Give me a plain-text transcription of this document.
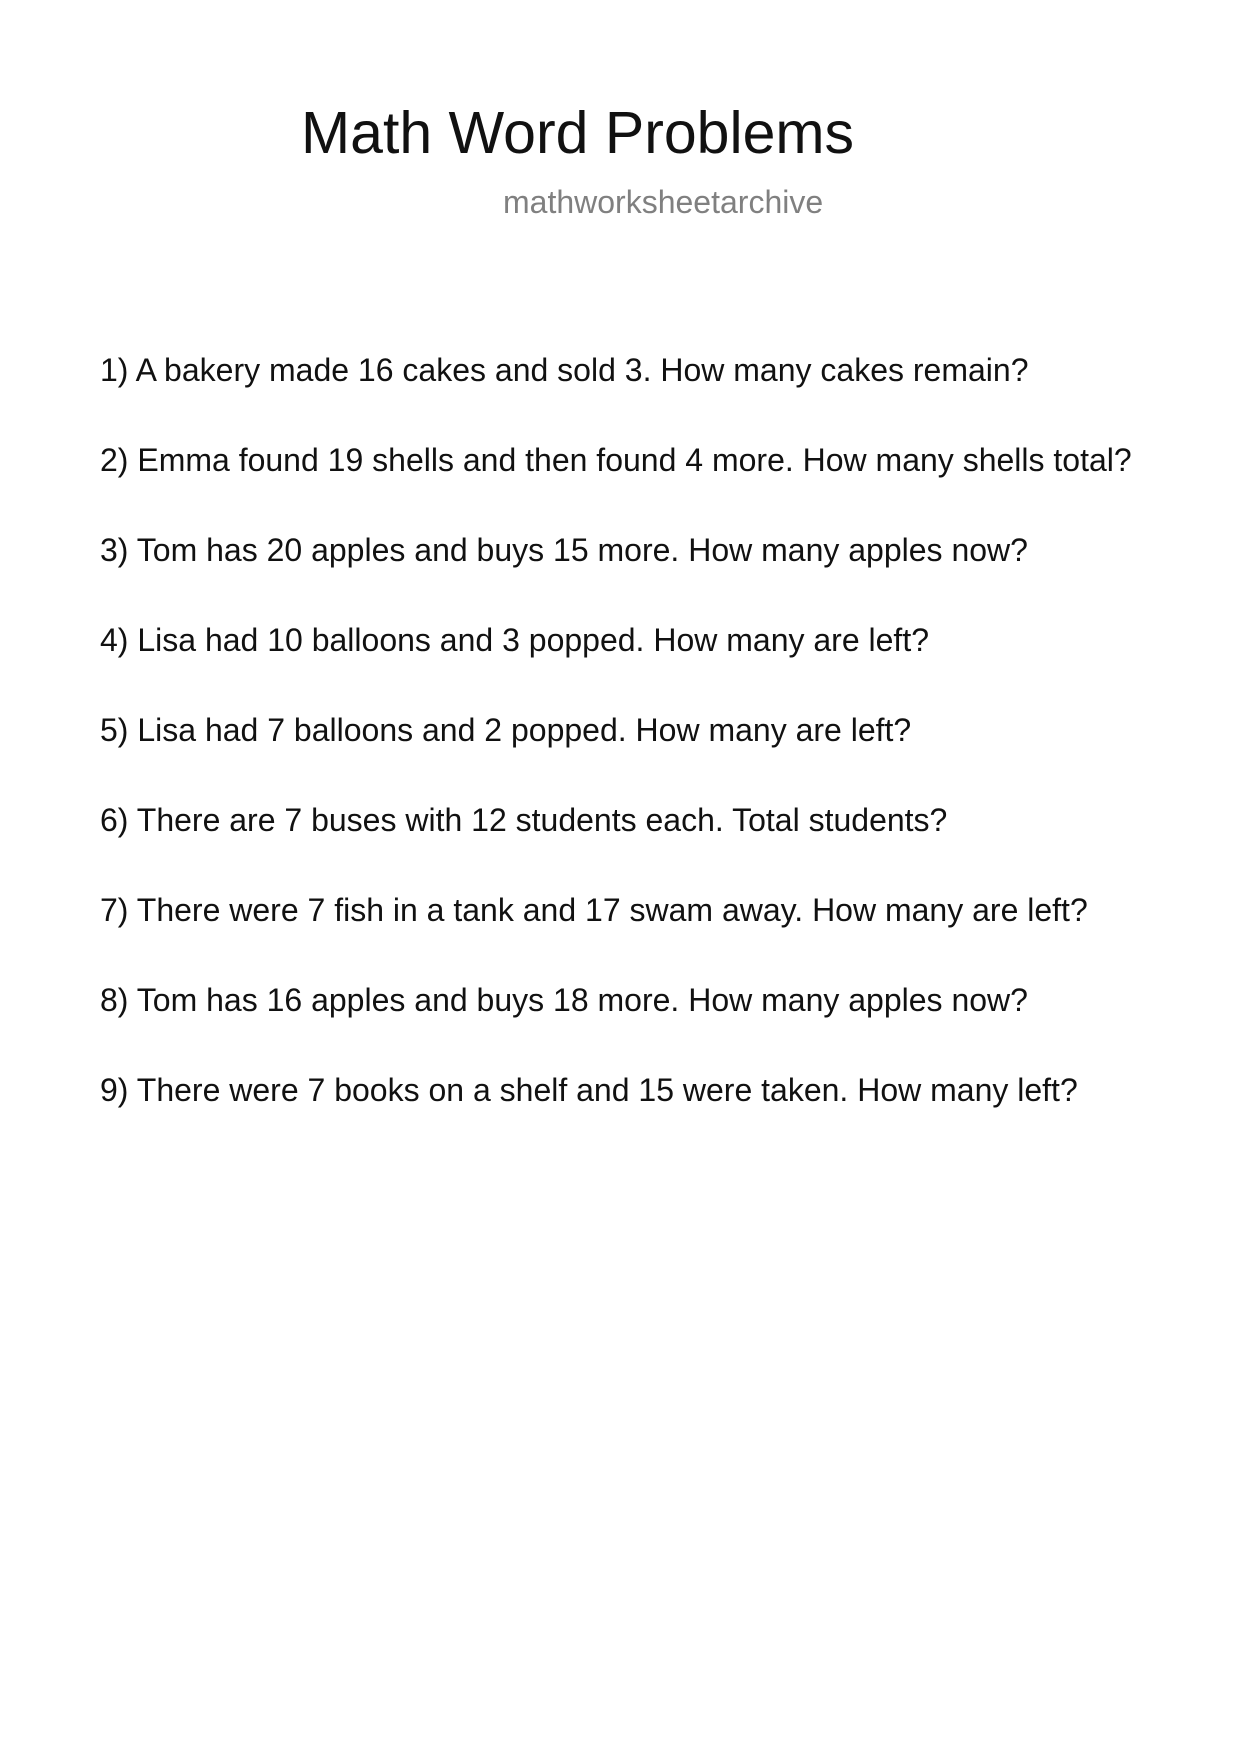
Math Word Problems
mathworksheetarchive
1) A bakery made 16 cakes and sold 3. How many cakes remain?
2) Emma found 19 shells and then found 4 more. How many shells total?
3) Tom has 20 apples and buys 15 more. How many apples now?
4) Lisa had 10 balloons and 3 popped. How many are left?
5) Lisa had 7 balloons and 2 popped. How many are left?
6) There are 7 buses with 12 students each. Total students?
7) There were 7 fish in a tank and 17 swam away. How many are left?
8) Tom has 16 apples and buys 18 more. How many apples now?
9) There were 7 books on a shelf and 15 were taken. How many left?
